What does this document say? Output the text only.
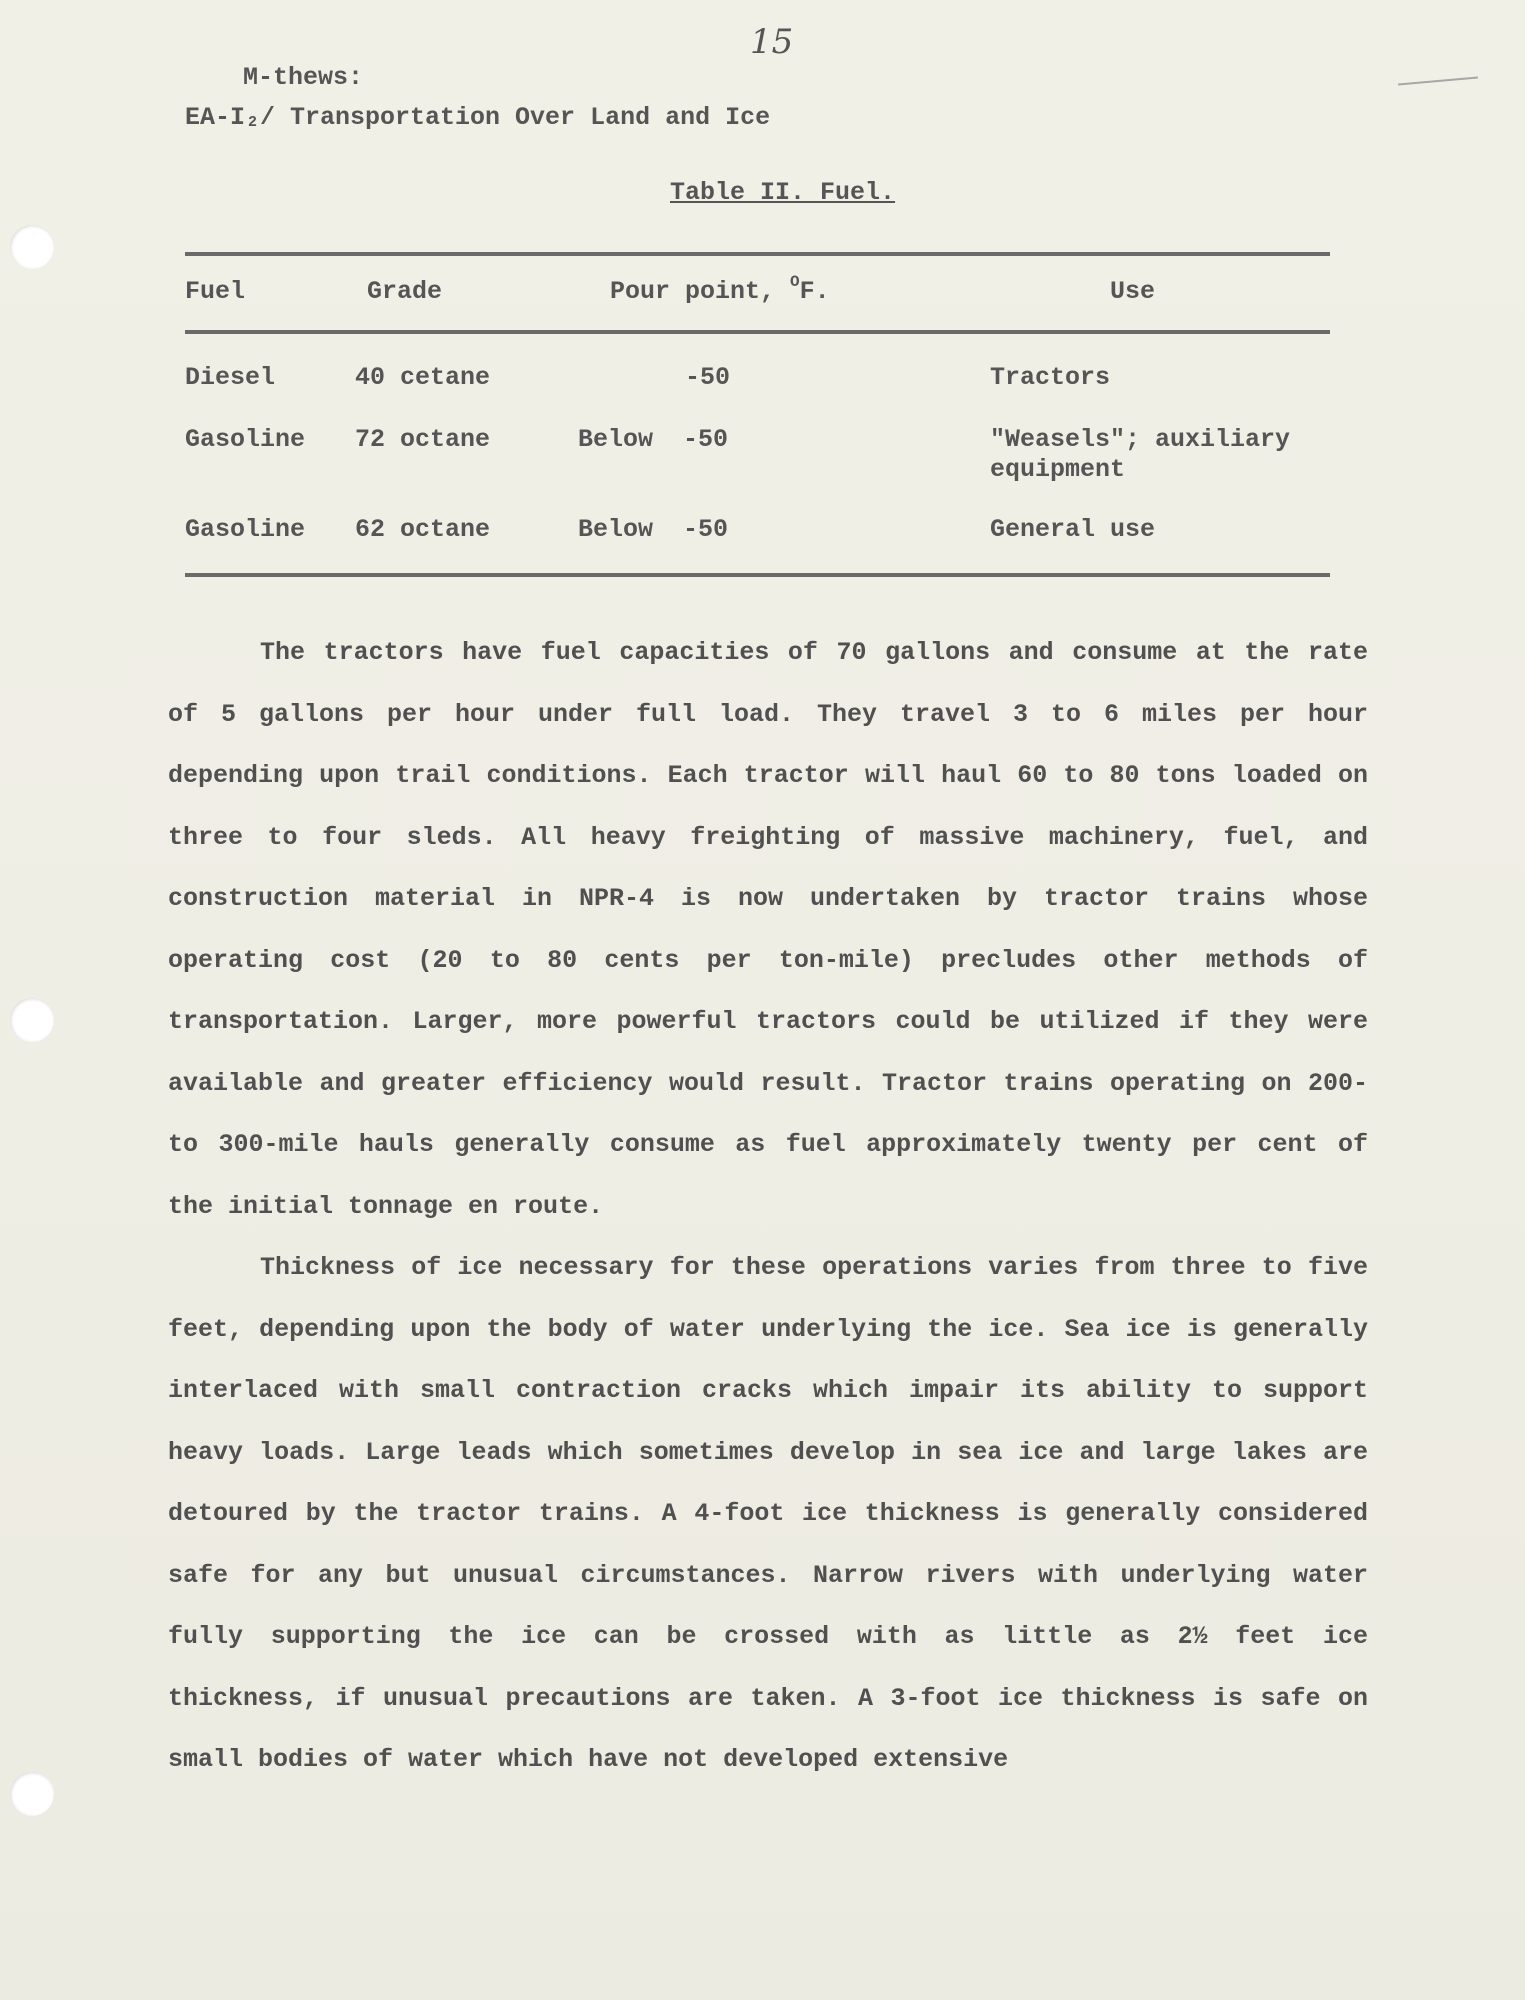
15
M-thews:
EA-I₂/ Transportation Over Land and Ice
Table II. Fuel.
Fuel	Grade	Pour point, $^O$F.	Use
Diesel	40 cetane	-50	Tractors
Gasoline 72 octane	Below  -50	"Weasels"; auxiliary
equipment
Gasoline 62 octane	Below  -50	General use

The tractors have fuel capacities of 70 gallons and consume at the rate of 5 gallons per hour under full load. They travel 3 to 6 miles per hour depending upon trail conditions. Each tractor will haul 60 to 80 tons loaded on three to four sleds. All heavy freighting of massive machinery, fuel, and construction material in NPR-4 is now undertaken by tractor trains whose operating cost (20 to 80 cents per ton-mile) precludes other methods of transportation. Larger, more powerful tractors could be utilized if they were available and greater efficiency would result. Tractor trains operating on 200- to 300-mile hauls generally consume as fuel approximately twenty per cent of the initial tonnage en route.

Thickness of ice necessary for these operations varies from three to five feet, depending upon the body of water underlying the ice. Sea ice is generally interlaced with small contraction cracks which impair its ability to support heavy loads. Large leads which sometimes develop in sea ice and large lakes are detoured by the tractor trains. A 4-foot ice thickness is generally considered safe for any but unusual circumstances. Narrow rivers with underlying water fully supporting the ice can be crossed with as little as 2½ feet ice thickness, if unusual precautions are taken. A 3-foot ice thickness is safe on small bodies of water which have not developed extensive
